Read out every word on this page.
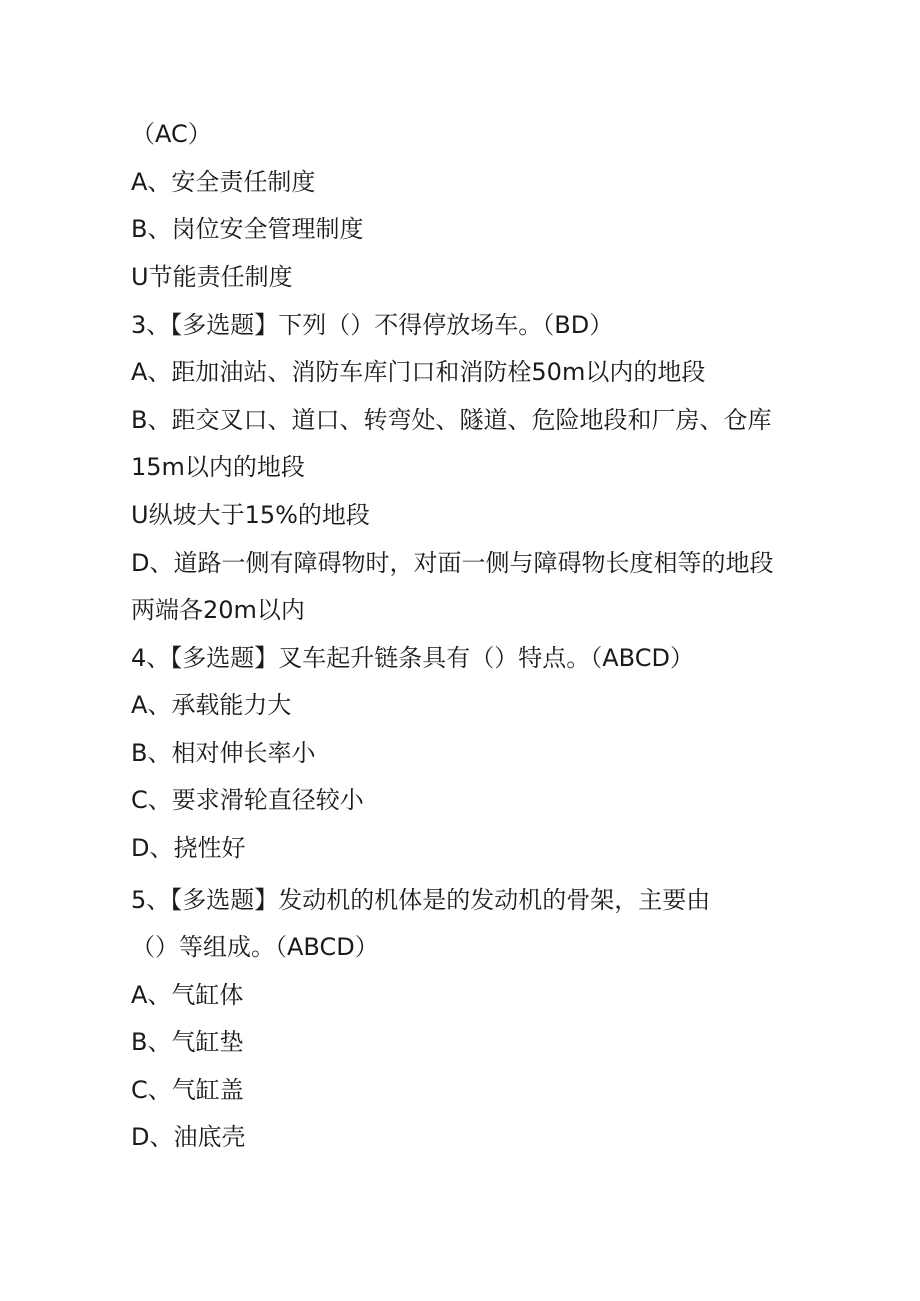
（AC）
A、安全责任制度
B、岗位安全管理制度
U节能责任制度
3、【多选题】下列（）不得停放场车。（BD）
A、距加油站、消防车库门口和消防栓50m以内的地段
B、距交叉口、道口、转弯处、隧道、危险地段和厂房、仓库
15m以内的地段
U纵坡大于15%的地段
D、道路一侧有障碍物时，对面一侧与障碍物长度相等的地段
两端各20m以内
4、【多选题】叉车起升链条具有（）特点。（ABCD）
A、承载能力大
B、相对伸长率小
C、要求滑轮直径较小
D、挠性好
5、【多选题】发动机的机体是的发动机的骨架，主要由
（）等组成。（ABCD）
A、气缸体
B、气缸垫
C、气缸盖
D、油底壳
